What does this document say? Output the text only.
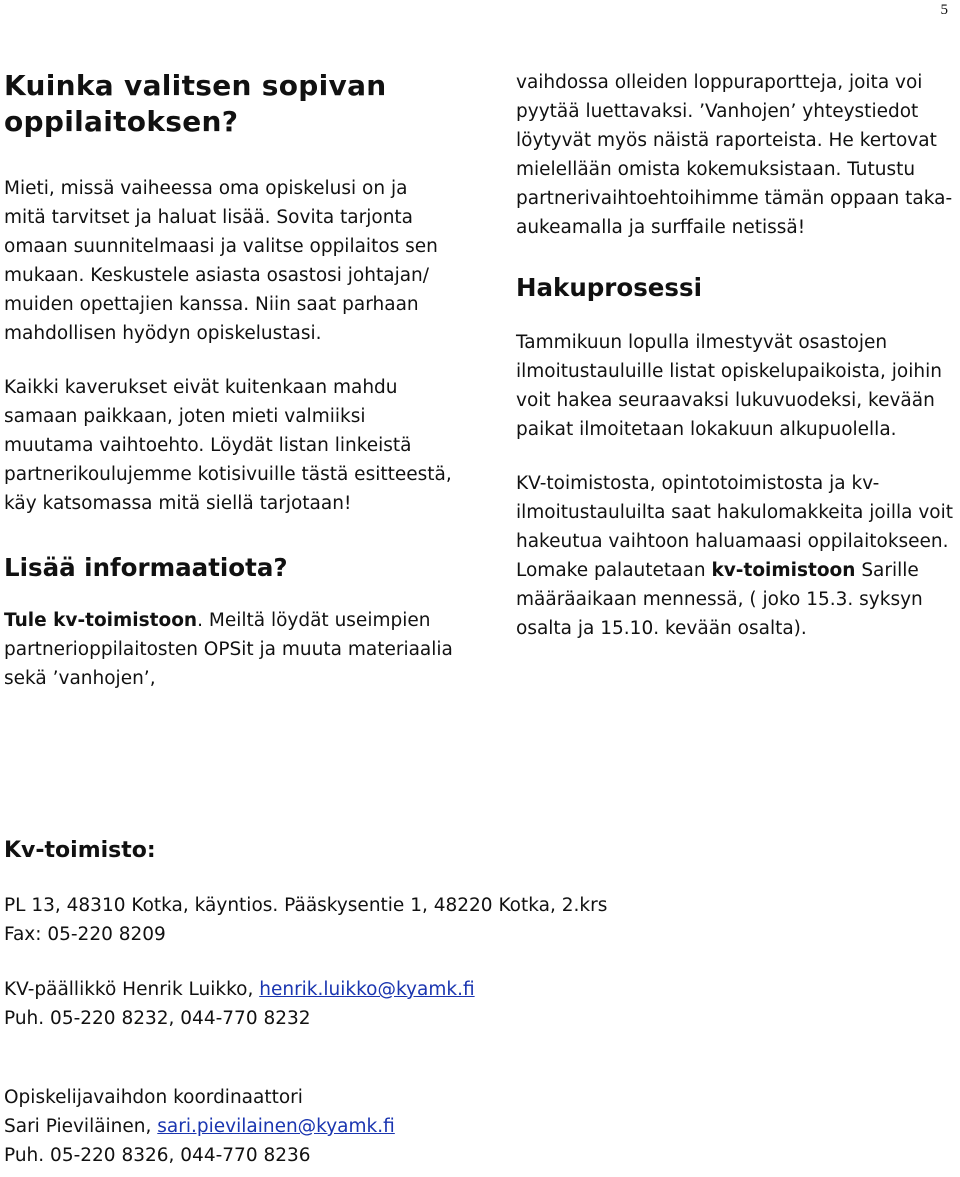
5
Kuinka valitsen sopivan oppilaitoksen?

Mieti, missä vaiheessa oma opiskelusi on ja mitä tarvitset ja haluat lisää. Sovita tarjonta omaan suunnitelmaasi ja valitse oppilaitos sen mukaan. Keskustele asiasta osastosi johtajan/ muiden opettajien kanssa. Niin saat parhaan mahdollisen hyödyn opiskelustasi.

Kaikki kaverukset eivät kuitenkaan mahdu samaan paikkaan, joten mieti valmiiksi muutama vaihtoehto. Löydät listan linkeistä partnerikoulujemme kotisivuille tästä esitteestä, käy katsomassa mitä siellä tarjotaan!

Lisää informaatiota?

Tule kv-toimistoon. Meiltä löydät useimpien partnerioppilaitosten OPSit ja muuta materiaalia sekä ’vanhojen’,

vaihdossa olleiden loppuraportteja, joita voi pyytää luettavaksi. ’Vanhojen’ yhteystiedot löytyvät myös näistä raporteista. He kertovat mielellään omista kokemuksistaan. Tutustu partnerivaihtoehtoihimme tämän oppaan taka-aukeamalla ja surffaile netissä!

Hakuprosessi

Tammikuun lopulla ilmestyvät osastojen ilmoitustauluille listat opiskelupaikoista, joihin voit hakea seuraavaksi lukuvuodeksi, kevään paikat ilmoitetaan lokakuun alkupuolella.

KV-toimistosta, opintotoimistosta ja kv-ilmoitustauluilta saat hakulomakkeita joilla voit hakeutua vaihtoon haluamaasi oppilaitokseen. Lomake palautetaan kv-toimistoon Sarille määräaikaan mennessä, ( joko 15.3. syksyn osalta ja 15.10. kevään osalta).

Kv-toimisto:

PL 13, 48310 Kotka, käyntios. Pääskysentie 1, 48220 Kotka, 2.krs

Fax: 05-220 8209

KV-päällikkö Henrik Luikko, henrik.luikko@kyamk.fi

Puh. 05-220 8232, 044-770 8232

Opiskelijavaihdon koordinaattori

Sari Pieviläinen, sari.pievilainen@kyamk.fi

Puh. 05-220 8326, 044-770 8236
